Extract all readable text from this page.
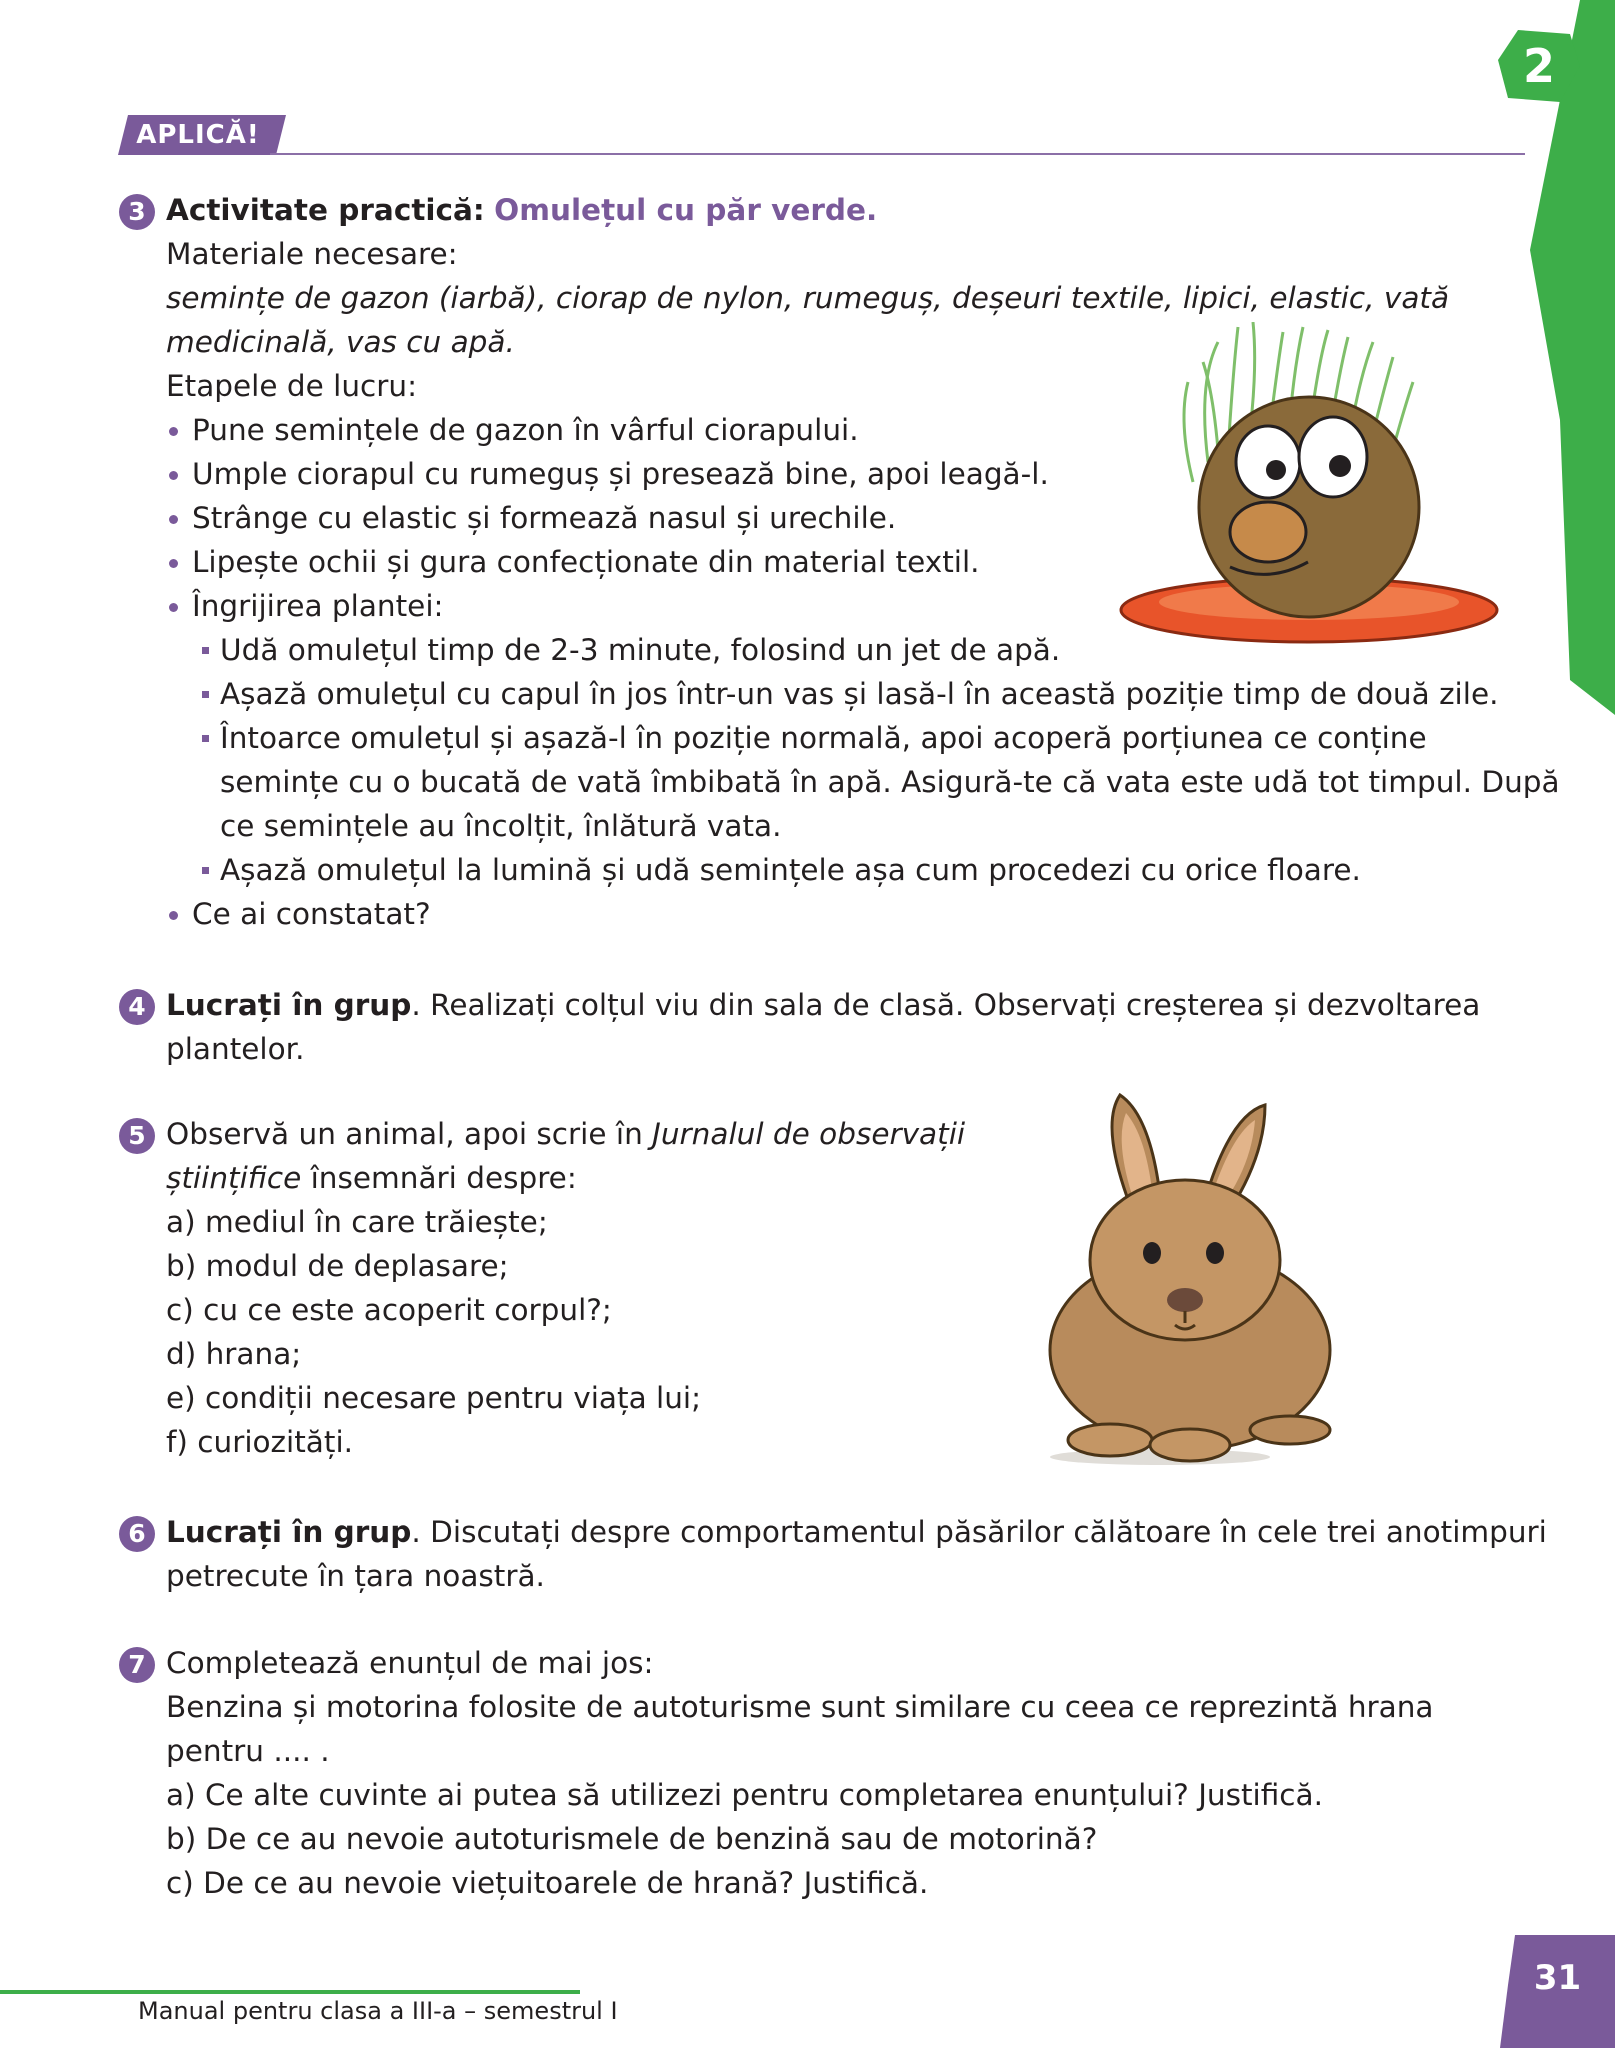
2
APLICĂ!
3 Activitate practică: Omulețul cu păr verde.
Materiale necesare:
semințe de gazon (iarbă), ciorap de nylon, rumeguș, deșeuri textile, lipici, elastic, vată
medicinală, vas cu apă.
Etapele de lucru:
Pune semințele de gazon în vârful ciorapului.
Umple ciorapul cu rumeguș și presează bine, apoi leagă-l.
Strânge cu elastic și formează nasul și urechile.
Lipește ochii și gura confecționate din material textil.
Îngrijirea plantei:
Udă omulețul timp de 2-3 minute, folosind un jet de apă.
Așază omulețul cu capul în jos într-un vas și lasă-l în această poziție timp de două zile.
Întoarce omulețul și așază-l în poziție normală, apoi acoperă porțiunea ce conține
semințe cu o bucată de vată îmbibată în apă. Asigură-te că vata este udă tot timpul. După
ce semințele au încolțit, înlătură vata.
Așază omulețul la lumină și udă semințele așa cum procedezi cu orice floare.
Ce ai constatat?
4 Lucrați în grup. Realizați colțul viu din sala de clasă. Observați creșterea și dezvoltarea
plantelor.
5 Observă un animal, apoi scrie în Jurnalul de observații
științifice însemnări despre:
a) mediul în care trăiește;
b) modul de deplasare;
c) cu ce este acoperit corpul?;
d) hrana;
e) condiții necesare pentru viața lui;
f) curiozități.
6 Lucrați în grup. Discutați despre comportamentul păsărilor călătoare în cele trei anotimpuri
petrecute în țara noastră.
7 Completează enunțul de mai jos:
Benzina și motorina folosite de autoturisme sunt similare cu ceea ce reprezintă hrana
pentru .... .
a) Ce alte cuvinte ai putea să utilizezi pentru completarea enunțului? Justifică.
b) De ce au nevoie autoturismele de benzină sau de motorină?
c) De ce au nevoie viețuitoarele de hrană? Justifică.
Manual pentru clasa a III-a – semestrul I
31
